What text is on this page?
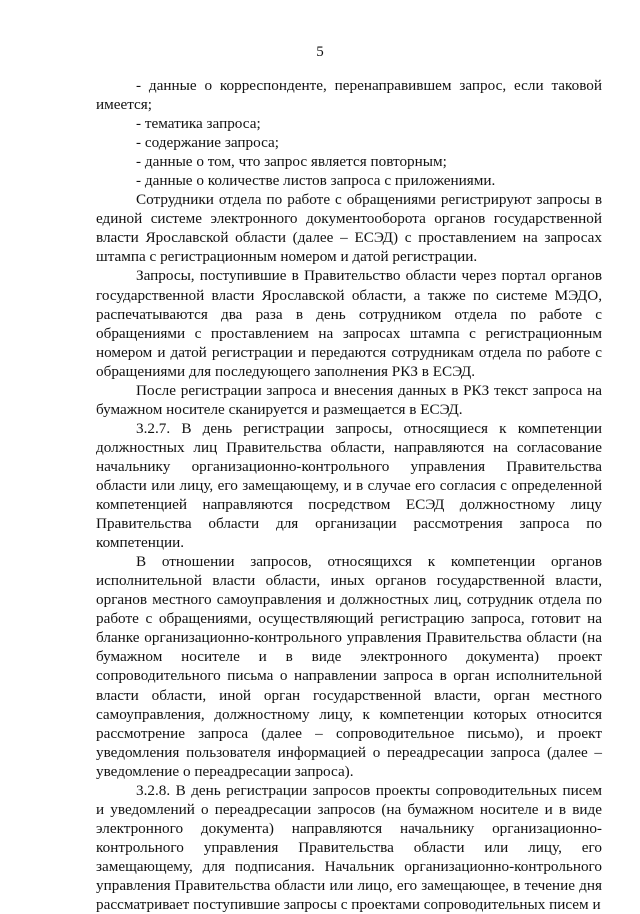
5

- данные о корреспонденте, перенаправившем запрос, если таковой имеется;

- тематика запроса;

- содержание запроса;

- данные о том, что запрос является повторным;

- данные о количестве листов запроса с приложениями.

Сотрудники отдела по работе с обращениями регистрируют запросы в единой системе электронного документооборота органов государственной власти Ярославской области (далее – ЕСЭД) с проставлением на запросах штампа с регистрационным номером и датой регистрации.

Запросы, поступившие в Правительство области через портал органов государственной власти Ярославской области, а также по системе МЭДО, распечатываются два раза в день сотрудником отдела по работе с обращениями с проставлением на запросах штампа с регистрационным номером и датой регистрации и передаются сотрудникам отдела по работе с обращениями для последующего заполнения РКЗ в ЕСЭД.

После регистрации запроса и внесения данных в РКЗ текст запроса на бумажном носителе сканируется и размещается в ЕСЭД.

3.2.7. В день регистрации запросы, относящиеся к компетенции должностных лиц Правительства области, направляются на согласование начальнику организационно-контрольного управления Правительства области или лицу, его замещающему, и в случае его согласия с определенной компетенцией направляются посредством ЕСЭД должностному лицу Правительства области для организации рассмотрения запроса по компетенции.

В отношении запросов, относящихся к компетенции органов исполнительной власти области, иных органов государственной власти, органов местного самоуправления и должностных лиц, сотрудник отдела по работе с обращениями, осуществляющий регистрацию запроса, готовит на бланке организационно-контрольного управления Правительства области (на бумажном носителе и в виде электронного документа) проект сопроводительного письма о направлении запроса в орган исполнительной власти области, иной орган государственной власти, орган местного самоуправления, должностному лицу, к компетенции которых относится рассмотрение запроса (далее – сопроводительное письмо), и проект уведомления пользователя информацией о переадресации запроса (далее – уведомление о переадресации запроса).

3.2.8. В день регистрации запросов проекты сопроводительных писем и уведомлений о переадресации запросов (на бумажном носителе и в виде электронного документа) направляются начальнику организационно-контрольного управления Правительства области или лицу, его замещающему, для подписания. Начальник организационно-контрольного управления Правительства области или лицо, его замещающее, в течение дня рассматривает поступившие запросы с проектами сопроводительных писем и
